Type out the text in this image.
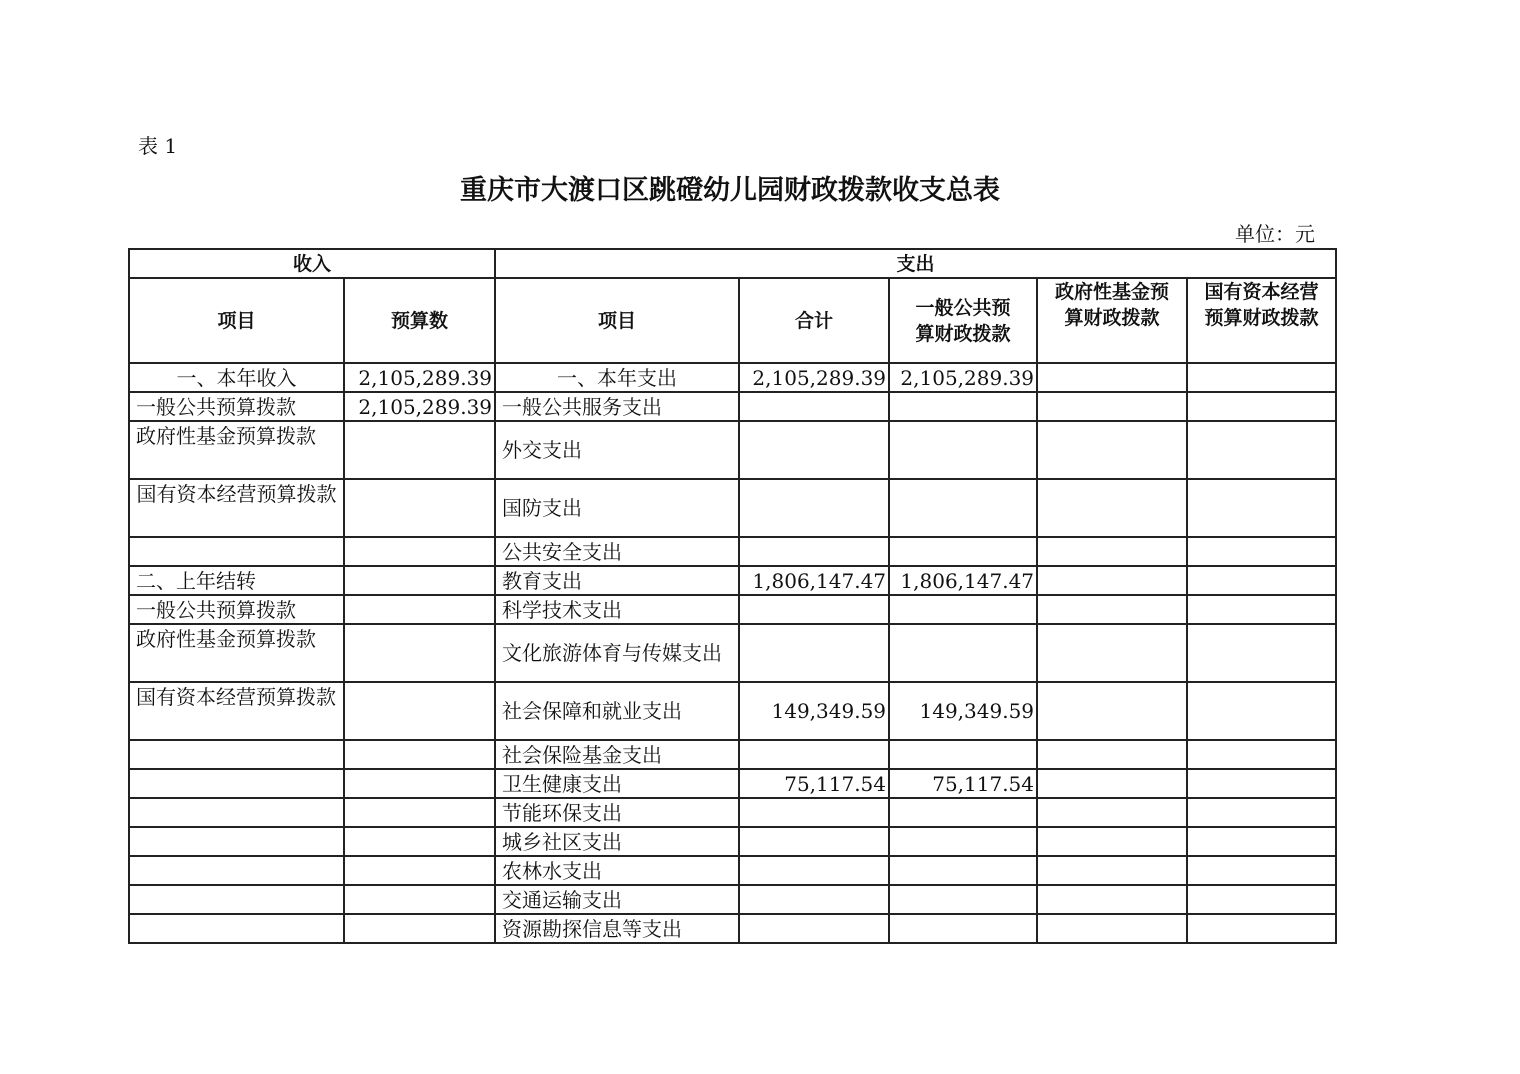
表 1
重庆市大渡口区跳磴幼儿园财政拨款收支总表
单位：元
收入		支出				
项目	预算数	项目	合计	一般公共预算财政拨款	政府性基金预算财政拨款	国有资本经营预算财政拨款
一、本年收入	2,105,289.39	一、本年支出	2,105,289.39	2,105,289.39		
一般公共预算拨款	2,105,289.39	一般公共服务支出				
政府性基金预算拨款		外交支出				
国有资本经营预算拨款		国防支出				
		公共安全支出				
二、上年结转		教育支出	1,806,147.47	1,806,147.47		
一般公共预算拨款		科学技术支出				
政府性基金预算拨款		文化旅游体育与传媒支出				
国有资本经营预算拨款		社会保障和就业支出	149,349.59	149,349.59		
		社会保险基金支出				
		卫生健康支出	75,117.54	75,117.54		
		节能环保支出				
		城乡社区支出				
		农林水支出				
		交通运输支出				
		资源勘探信息等支出				
